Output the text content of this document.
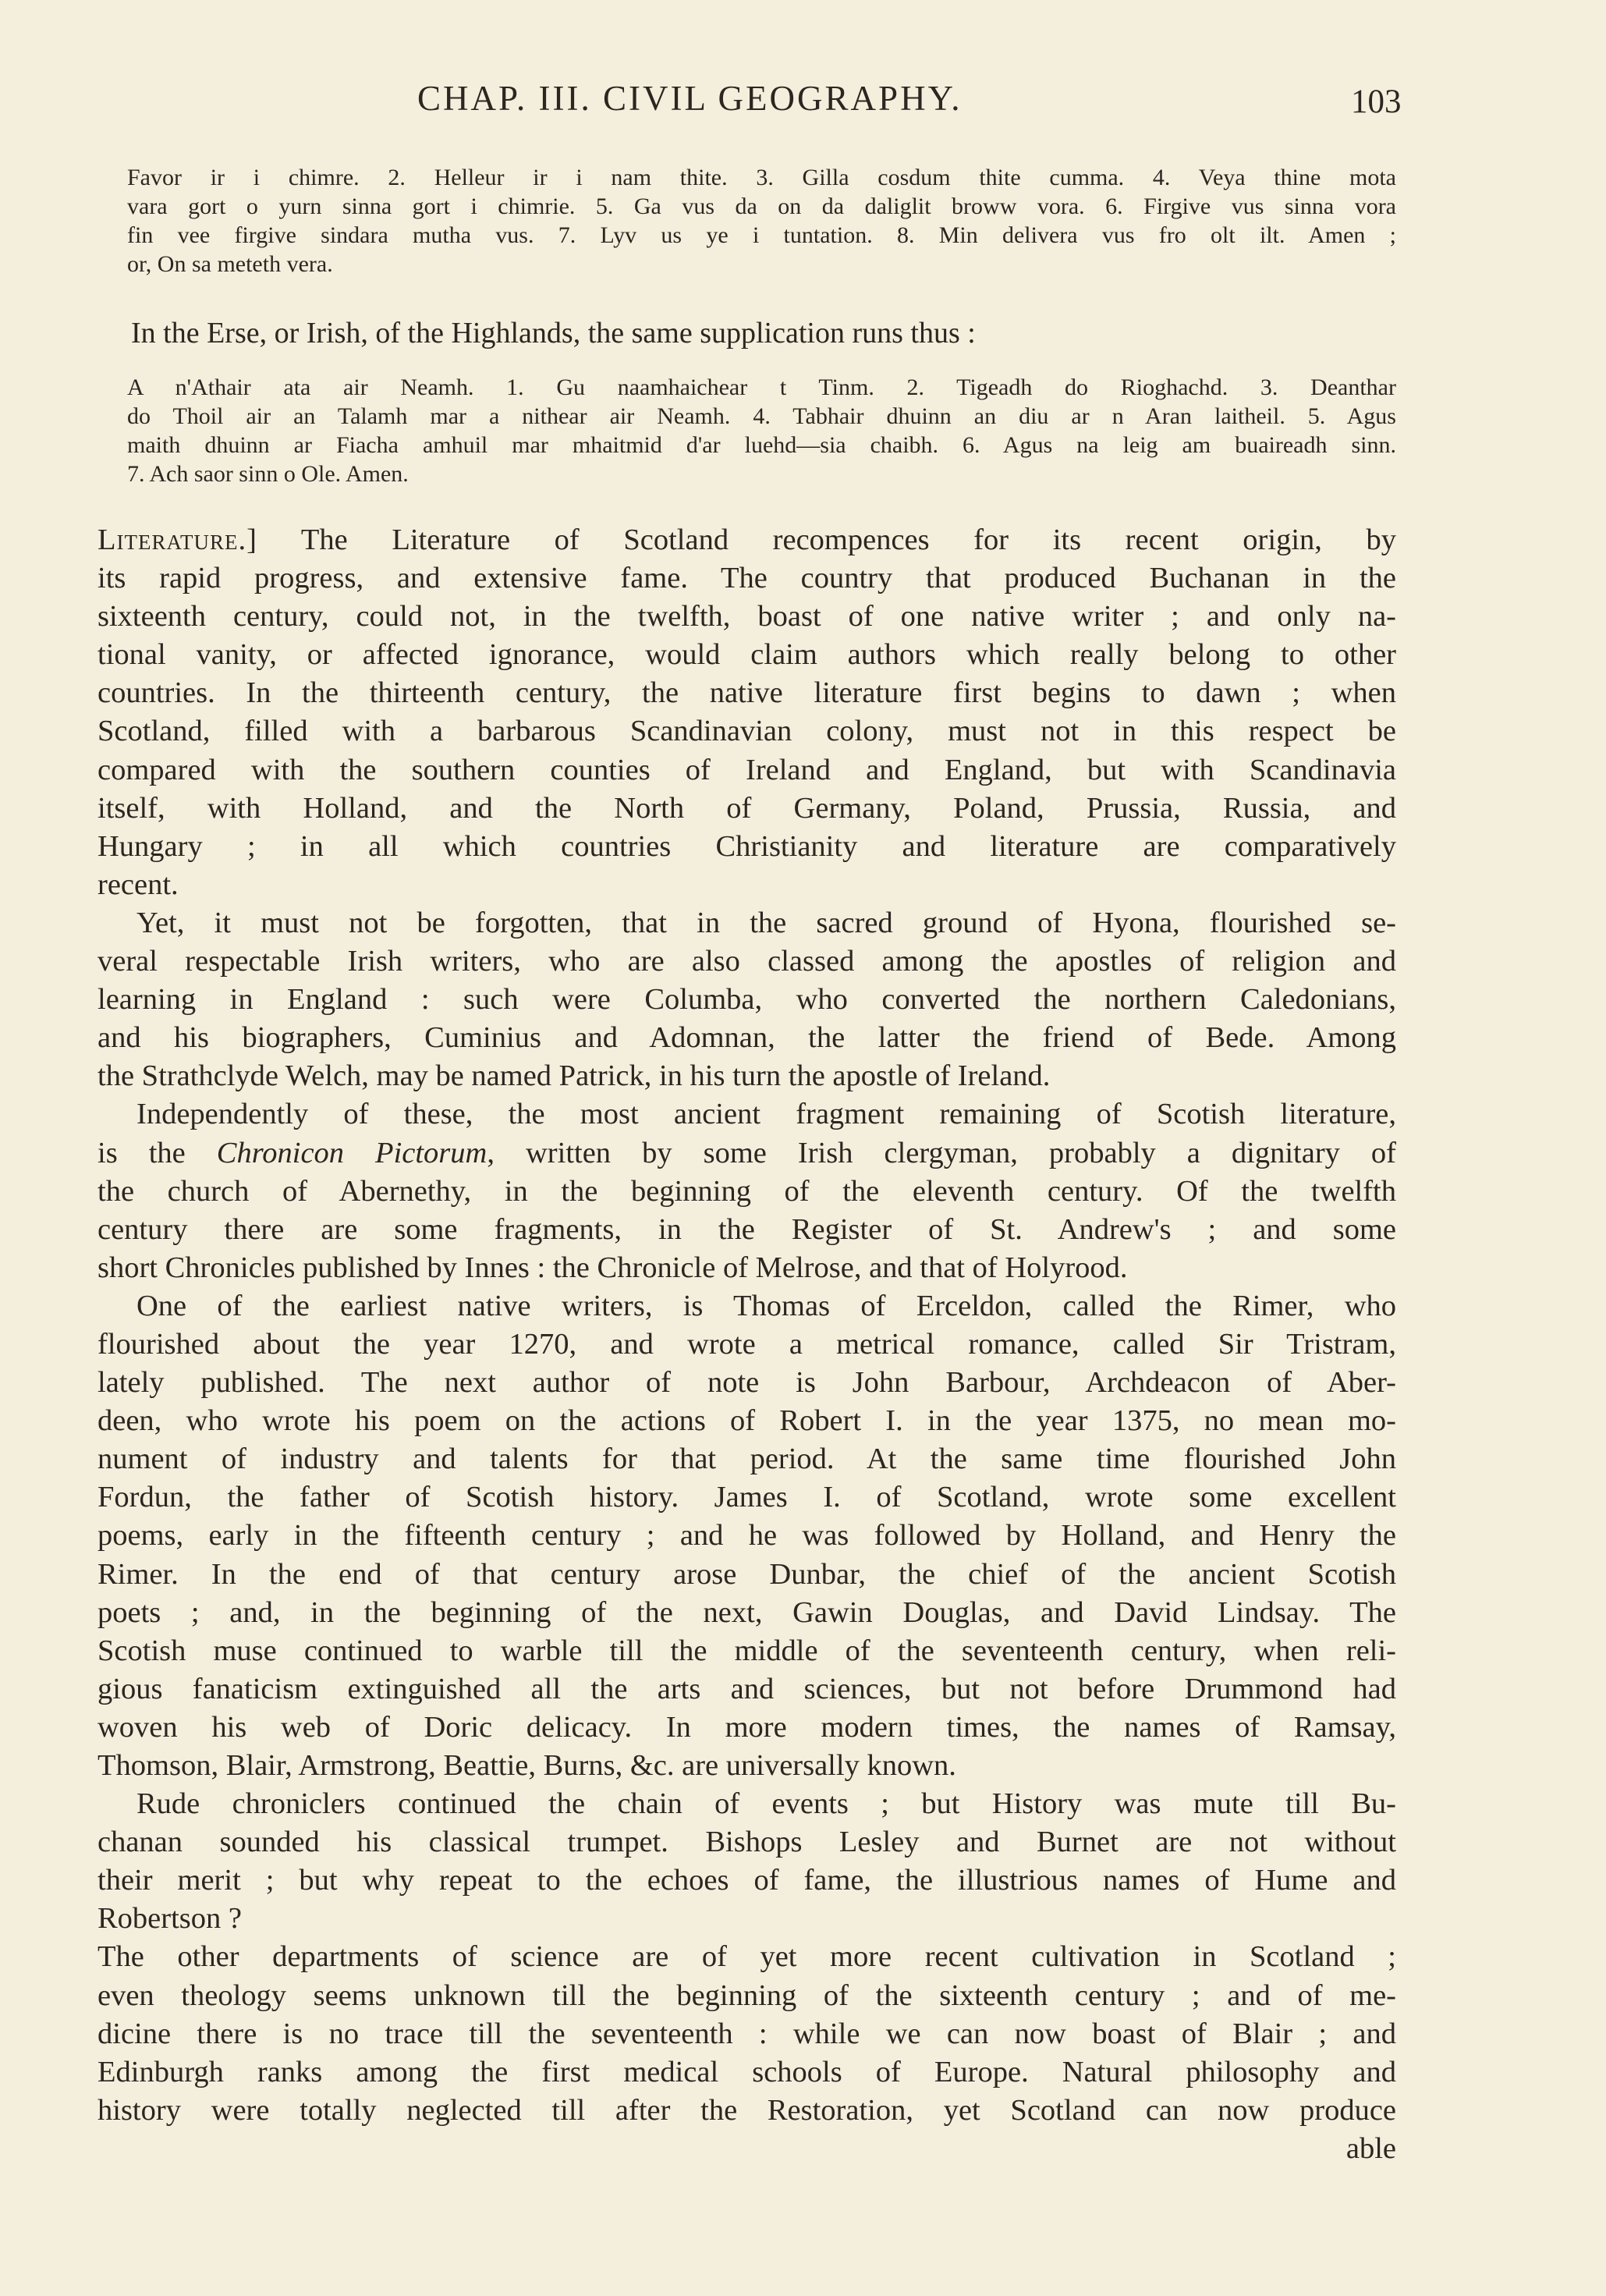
CHAP. III. CIVIL GEOGRAPHY.	103
Favor ir i chimre. 2. Helleur ir i nam thite. 3. Gilla cosdum thite cumma. 4. Veya thine mota
vara gort o yurn sinna gort i chimrie. 5. Ga vus da on da daliglit broww vora. 6. Firgive vus sinna vora
fin vee firgive sindara mutha vus. 7. Lyv us ye i tuntation. 8. Min delivera vus fro olt ilt. Amen ;
or, On sa meteth vera.
In the Erse, or Irish, of the Highlands, the same supplication runs thus :
A n'Athair ata air Neamh. 1. Gu naamhaichear t Tinm. 2. Tigeadh do Rioghachd. 3. Deanthar
do Thoil air an Talamh mar a nithear air Neamh. 4. Tabhair dhuinn an diu ar n Aran laitheil. 5. Agus
maith dhuinn ar Fiacha amhuil mar mhaitmid d'ar luehd—sia chaibh. 6. Agus na leig am buaireadh sinn.
7. Ach saor sinn o Ole. Amen.
Literature.] The Literature of Scotland recompences for its recent origin, by
its rapid progress, and extensive fame. The country that produced Buchanan in the
sixteenth century, could not, in the twelfth, boast of one native writer ; and only na-
tional vanity, or affected ignorance, would claim authors which really belong to other
countries. In the thirteenth century, the native literature first begins to dawn ; when
Scotland, filled with a barbarous Scandinavian colony, must not in this respect be
compared with the southern counties of Ireland and England, but with Scandinavia
itself, with Holland, and the North of Germany, Poland, Prussia, Russia, and
Hungary ; in all which countries Christianity and literature are comparatively
recent.
Yet, it must not be forgotten, that in the sacred ground of Hyona, flourished se-
veral respectable Irish writers, who are also classed among the apostles of religion and
learning in England : such were Columba, who converted the northern Caledonians,
and his biographers, Cuminius and Adomnan, the latter the friend of Bede. Among
the Strathclyde Welch, may be named Patrick, in his turn the apostle of Ireland.
Independently of these, the most ancient fragment remaining of Scotish literature,
is the Chronicon Pictorum, written by some Irish clergyman, probably a dignitary of
the church of Abernethy, in the beginning of the eleventh century. Of the twelfth
century there are some fragments, in the Register of St. Andrew's ; and some
short Chronicles published by Innes : the Chronicle of Melrose, and that of Holyrood.
One of the earliest native writers, is Thomas of Erceldon, called the Rimer, who
flourished about the year 1270, and wrote a metrical romance, called Sir Tristram,
lately published. The next author of note is John Barbour, Archdeacon of Aber-
deen, who wrote his poem on the actions of Robert I. in the year 1375, no mean mo-
nument of industry and talents for that period. At the same time flourished John
Fordun, the father of Scotish history. James I. of Scotland, wrote some excellent
poems, early in the fifteenth century ; and he was followed by Holland, and Henry the
Rimer. In the end of that century arose Dunbar, the chief of the ancient Scotish
poets ; and, in the beginning of the next, Gawin Douglas, and David Lindsay. The
Scotish muse continued to warble till the middle of the seventeenth century, when reli-
gious fanaticism extinguished all the arts and sciences, but not before Drummond had
woven his web of Doric delicacy. In more modern times, the names of Ramsay,
Thomson, Blair, Armstrong, Beattie, Burns, &c. are universally known.
Rude chroniclers continued the chain of events ; but History was mute till Bu-
chanan sounded his classical trumpet. Bishops Lesley and Burnet are not without
their merit ; but why repeat to the echoes of fame, the illustrious names of Hume and
Robertson ?
The other departments of science are of yet more recent cultivation in Scotland ;
even theology seems unknown till the beginning of the sixteenth century ; and of me-
dicine there is no trace till the seventeenth : while we can now boast of Blair ; and
Edinburgh ranks among the first medical schools of Europe. Natural philosophy and
history were totally neglected till after the Restoration, yet Scotland can now produce
able
